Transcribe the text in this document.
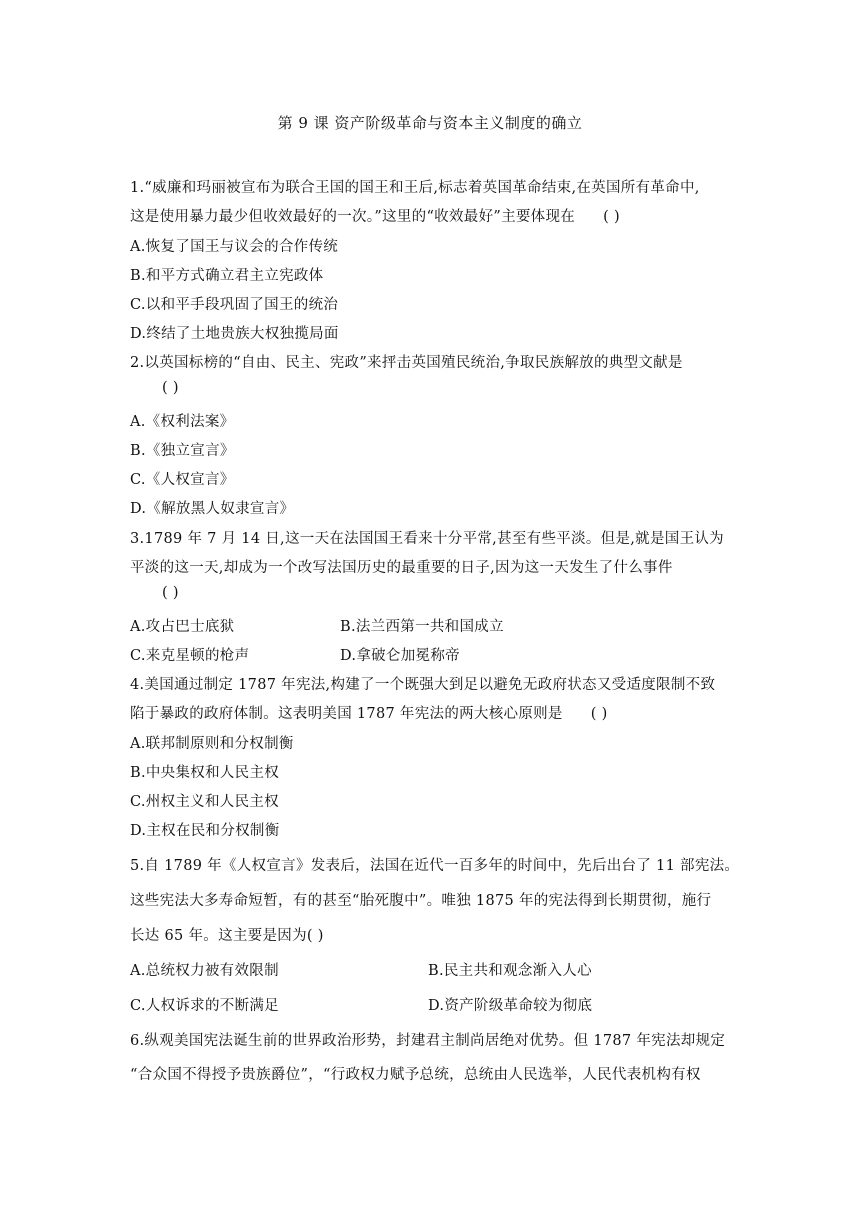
第 9 课 资产阶级革命与资本主义制度的确立
1.“威廉和玛丽被宣布为联合王国的国王和王后,标志着英国革命结束,在英国所有革命中,
这是使用暴力最少但收效最好的一次。”这里的“收效最好”主要体现在 ( )
A.恢复了国王与议会的合作传统
B.和平方式确立君主立宪政体
C.以和平手段巩固了国王的统治
D.终结了土地贵族大权独揽局面
2.以英国标榜的“自由、民主、宪政”来抨击英国殖民统治,争取民族解放的典型文献是
( )
A.《权利法案》
B.《独立宣言》
C.《人权宣言》
D.《解放黑人奴隶宣言》
3.1789 年 7 月 14 日,这一天在法国国王看来十分平常,甚至有些平淡。但是,就是国王认为
平淡的这一天,却成为一个改写法国历史的最重要的日子,因为这一天发生了什么事件
( )
A.攻占巴士底狱	B.法兰西第一共和国成立
C.来克星顿的枪声	D.拿破仑加冕称帝
4.美国通过制定 1787 年宪法,构建了一个既强大到足以避免无政府状态又受适度限制不致
陷于暴政的政府体制。这表明美国 1787 年宪法的两大核心原则是 ( )
A.联邦制原则和分权制衡
B.中央集权和人民主权
C.州权主义和人民主权
D.主权在民和分权制衡
5.自 1789 年《人权宣言》发表后，法国在近代一百多年的时间中，先后出台了 11 部宪法。
这些宪法大多寿命短暂，有的甚至“胎死腹中”。唯独 1875 年的宪法得到长期贯彻，施行
长达 65 年。这主要是因为( )
A.总统权力被有效限制	B.民主共和观念渐入人心
C.人权诉求的不断满足	D.资产阶级革命较为彻底
6.纵观美国宪法诞生前的世界政治形势，封建君主制尚居绝对优势。但 1787 年宪法却规定
“合众国不得授予贵族爵位”，“行政权力赋予总统，总统由人民选举，人民代表机构有权
